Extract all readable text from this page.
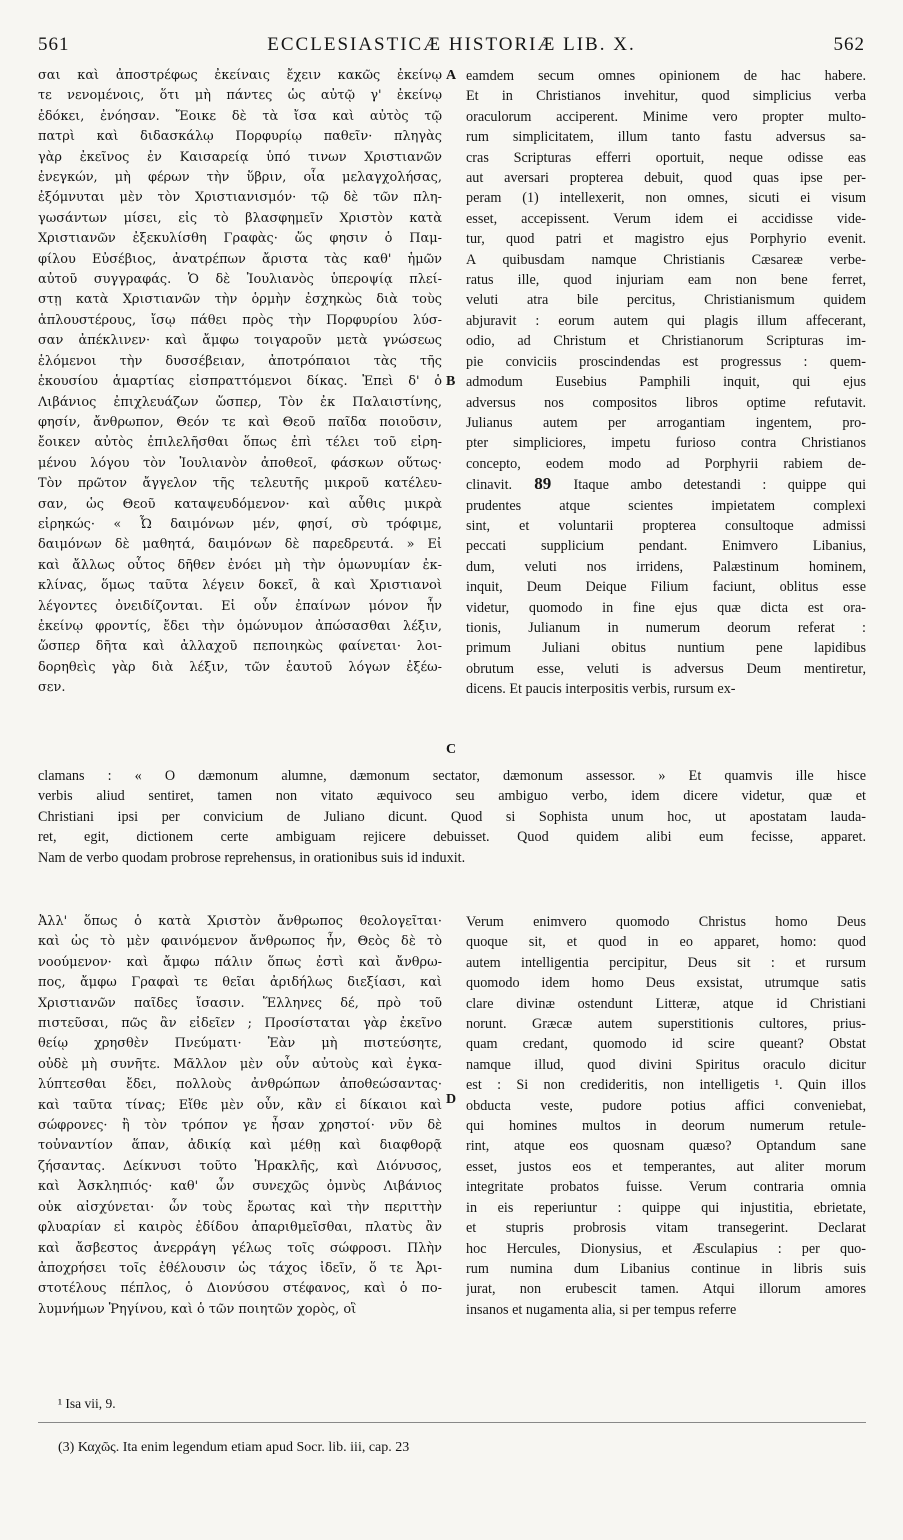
561	ECCLESIASTICÆ HISTORIÆ LIB. X.	562
A
B
C
D
σαι καὶ ἀποστρέφως ἐκείναις ἔχειν κακῶς ἐκείνῳ
τε νενομένοις, ὅτι μὴ πάντες ὡς αὐτῷ γ' ἐκείνῳ
ἐδόκει, ἐνόησαν. Ἔοικε δὲ τὰ ἴσα καὶ αὐτὸς τῷ
πατρὶ καὶ διδασκάλῳ Πορφυρίῳ παθεῖν· πληγὰς
γὰρ ἐκεῖνος ἐν Καισαρείᾳ ὑπό τινων Χριστιανῶν
ἐνεγκών, μὴ φέρων τὴν ὕβριν, οἷα μελαγχολήσας,
ἐξόμνυται μὲν τὸν Χριστιανισμόν· τῷ δὲ τῶν πλη-
γωσάντων μίσει, εἰς τὸ βλασφημεῖν Χριστὸν κατὰ
Χριστιανῶν ἐξεκυλίσθη Γραφὰς· ὥς φησιν ὁ Παμ-
φίλου Εὐσέβιος, ἀνατρέπων ἄριστα τὰς καθ' ἡμῶν
αὐτοῦ συγγραφάς. Ὁ δὲ Ἰουλιανὸς ὑπεροψίᾳ πλεί-
στῃ κατὰ Χριστιανῶν τὴν ὁρμὴν ἐσχηκὼς διὰ τοὺς
ἁπλουστέρους, ἴσῳ πάθει πρὸς τὴν Πορφυρίου λύσ-
σαν ἀπέκλινεν· καὶ ἄμφω τοιγαροῦν μετὰ γνώσεως
ἑλόμενοι τὴν δυσσέβειαν, ἀποτρόπαιοι τὰς τῆς
ἑκουσίου ἁμαρτίας εἰσπραττόμενοι δίκας. Ἐπεὶ δ' ὁ
Λιβάνιος ἐπιχλευάζων ὥσπερ, Τὸν ἐκ Παλαιστίνης,
φησίν, ἄνθρωπον, Θεόν τε καὶ Θεοῦ παῖδα ποιοῦσιν,
ἔοικεν αὐτὸς ἐπιλελῆσθαι ὅπως ἐπὶ τέλει τοῦ εἰρη-
μένου λόγου τὸν Ἰουλιανὸν ἀποθεοῖ, φάσκων οὕτως·
Τὸν πρῶτον ἄγγελον τῆς τελευτῆς μικροῦ κατέλευ-
σαν, ὡς Θεοῦ καταψευδόμενον· καὶ αὖθις μικρὰ
εἰρηκώς· « Ὦ δαιμόνων μέν, φησί, σὺ τρόφιμε,
δαιμόνων δὲ μαθητά, δαιμόνων δὲ παρεδρευτά. » Εἰ
καὶ ἄλλως οὗτος δῆθεν ἐνόει μὴ τὴν ὁμωνυμίαν ἐκ-
κλίνας, ὅμως ταῦτα λέγειν δοκεῖ, ἃ καὶ Χριστιανοὶ
λέγοντες ὀνειδίζονται. Εἰ οὖν ἐπαίνων μόνον ἦν
ἐκείνῳ φροντίς, ἔδει τὴν ὁμώνυμον ἀπώσασθαι λέξιν,
ὥσπερ δῆτα καὶ ἀλλαχοῦ πεποιηκὼς φαίνεται· λοι-
δορηθεὶς γὰρ διὰ λέξιν, τῶν ἑαυτοῦ λόγων ἐξέω-
σεν.
eamdem secum omnes opinionem de hac habere.
Et in Christianos invehitur, quod simplicius verba
oraculorum acciperent. Minime vero propter multo-
rum simplicitatem, illum tanto fastu adversus sa-
cras Scripturas efferri oportuit, neque odisse eas
aut aversari propterea debuit, quod quas ipse per-
peram (1) intellexerit, non omnes, sicuti ei visum
esset, accepissent. Verum idem ei accidisse vide-
tur, quod patri et magistro ejus Porphyrio evenit.
A quibusdam namque Christianis Cæsareæ verbe-
ratus ille, quod injuriam eam non bene ferret,
veluti atra bile percitus, Christianismum quidem
abjuravit : eorum autem qui plagis illum affecerant,
odio, ad Christum et Christianorum Scripturas im-
pie conviciis proscindendas est progressus : quem-
admodum Eusebius Pamphili inquit, qui ejus
adversus nos compositos libros optime refutavit.
Julianus autem per arrogantiam ingentem, pro-
pter simpliciores, impetu furioso contra Christianos
concepto, eodem modo ad Porphyrii rabiem de-
clinavit. 89 Itaque ambo detestandi : quippe qui
prudentes atque scientes impietatem complexi
sint, et voluntarii propterea consultoque admissi
peccati supplicium pendant. Enimvero Libanius,
dum, veluti nos irridens, Palæstinum hominem,
inquit, Deum Deique Filium faciunt, oblitus esse
videtur, quomodo in fine ejus quæ dicta est ora-
tionis, Julianum in numerum deorum referat :
primum Juliani obitus nuntium pene lapidibus
obrutum esse, veluti is adversus Deum mentiretur,
dicens. Et paucis interpositis verbis, rursum ex-
clamans : « O dæmonum alumne, dæmonum sectator, dæmonum assessor. » Et quamvis ille hisce
verbis aliud sentiret, tamen non vitato æquivoco seu ambiguo verbo, idem dicere videtur, quæ et
Christiani ipsi per convicium de Juliano dicunt. Quod si Sophista unum hoc, ut apostatam lauda-
ret, egit, dictionem certe ambiguam rejicere debuisset. Quod quidem alibi eum fecisse, apparet.
Nam de verbo quodam probrose reprehensus, in orationibus suis id induxit.
Ἀλλ' ὅπως ὁ κατὰ Χριστὸν ἄνθρωπος θεολογεῖται·
καὶ ὡς τὸ μὲν φαινόμενον ἄνθρωπος ἦν, Θεὸς δὲ τὸ
νοούμενον· καὶ ἄμφω πάλιν ὅπως ἐστὶ καὶ ἄνθρω-
πος, ἄμφω Γραφαὶ τε θεῖαι ἀριδήλως διεξίασι, καὶ
Χριστιανῶν παῖδες ἴσασιν. Ἕλληνες δέ, πρὸ τοῦ
πιστεῦσαι, πῶς ἂν εἰδεῖεν ; Προσίσταται γὰρ ἐκεῖνο
θείῳ χρησθὲν Πνεύματι· Ἐὰν μὴ πιστεύσητε,
οὐδὲ μὴ συνῆτε. Μᾶλλον μὲν οὖν αὐτοὺς καὶ ἐγκα-
λύπτεσθαι ἔδει, πολλοὺς ἀνθρώπων ἀποθεώσαντας·
καὶ ταῦτα τίνας; Εἴθε μὲν οὖν, κἂν εἰ δίκαιοι καὶ
σώφρονες· ἢ τὸν τρόπον γε ἦσαν χρηστοί· νῦν δὲ
τοὐναντίον ἅπαν, ἀδικίᾳ καὶ μέθῃ καὶ διαφθορᾷ
ζήσαντας. Δείκνυσι τοῦτο Ἡρακλῆς, καὶ Διόνυσος,
καὶ Ἀσκληπιός· καθ' ὧν συνεχῶς ὀμνὺς Λιβάνιος
οὐκ αἰσχύνεται· ὧν τοὺς ἔρωτας καὶ τὴν περιττὴν
φλυαρίαν εἰ καιρὸς ἐδίδου ἀπαριθμεῖσθαι, πλατὺς ἂν
καὶ ἄσβεστος ἀνερράγη γέλως τοῖς σώφροσι. Πλὴν
ἀποχρήσει τοῖς ἐθέλουσιν ὡς τάχος ἰδεῖν, ὅ τε Ἀρι-
στοτέλους πέπλος, ὁ Διονύσου στέφανος, καὶ ὁ πο-
λυμνήμων Ῥηγίνου, καὶ ὁ τῶν ποιητῶν χορὸς, οἳ
Verum enimvero quomodo Christus homo Deus
quoque sit, et quod in eo apparet, homo: quod
autem intelligentia percipitur, Deus sit : et rursum
quomodo idem homo Deus exsistat, utrumque satis
clare divinæ ostendunt Litteræ, atque id Christiani
norunt. Græcæ autem superstitionis cultores, prius-
quam credant, quomodo id scire queant? Obstat
namque illud, quod divini Spiritus oraculo dicitur
est : Si non credideritis, non intelligetis ¹. Quin illos
obducta veste, pudore potius affici conveniebat,
qui homines multos in deorum numerum retule-
rint, atque eos quosnam quæso? Optandum sane
esset, justos eos et temperantes, aut aliter morum
integritate probatos fuisse. Verum contraria omnia
in eis reperiuntur : quippe qui injustitia, ebrietate,
et stupris probrosis vitam transegerint. Declarat
hoc Hercules, Dionysius, et Æsculapius : per quo-
rum numina dum Libanius continue in libris suis
jurat, non erubescit tamen. Atqui illorum amores
insanos et nugamenta alia, si per tempus referre
¹ Isa vii, 9.
(3) Καχῶς. Ita enim legendum etiam apud Socr. lib. iii, cap. 23
